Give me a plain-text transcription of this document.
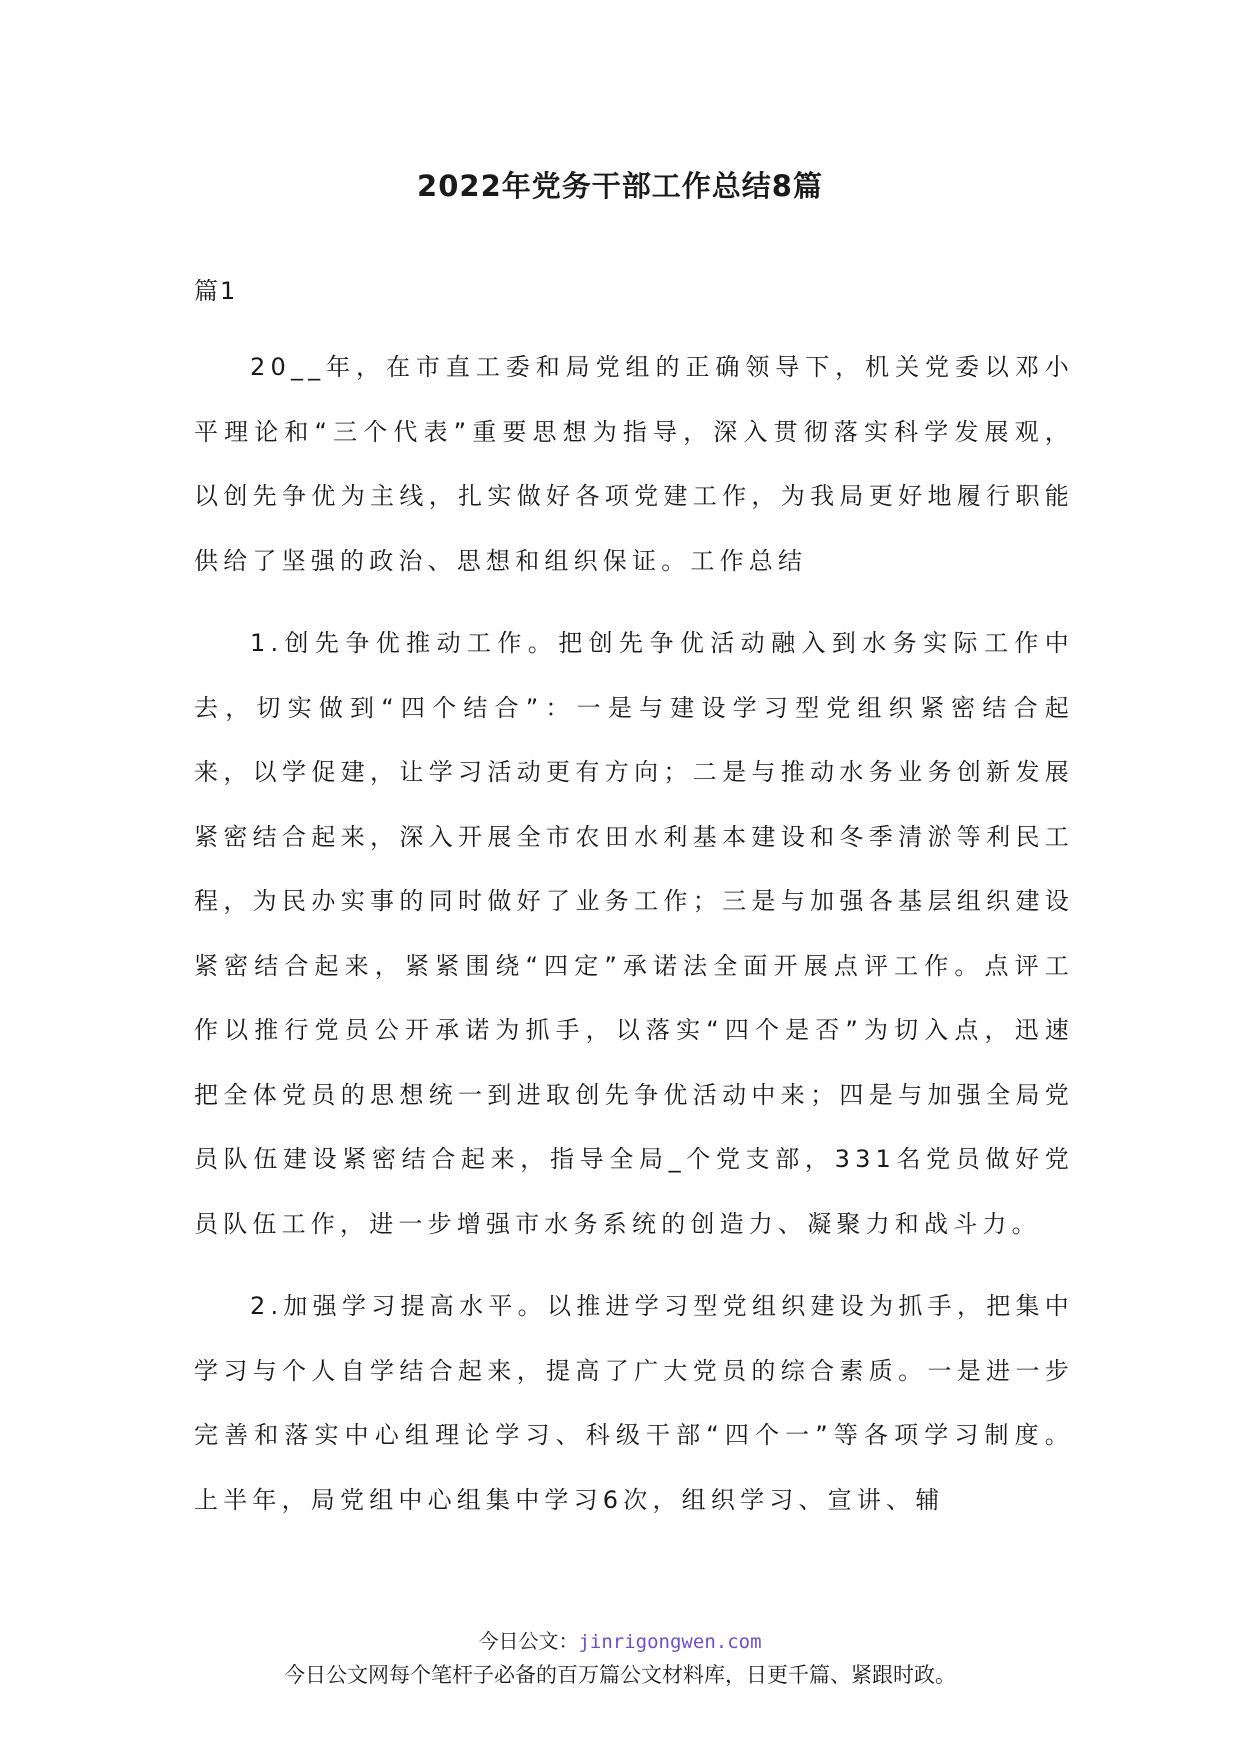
2022年党务干部工作总结8篇
篇1

20__年，在市直工委和局党组的正确领导下，机关党委以邓小平理论和“三个代表”重要思想为指导，深入贯彻落实科学发展观，以创先争优为主线，扎实做好各项党建工作，为我局更好地履行职能供给了坚强的政治、思想和组织保证。工作总结

1.创先争优推动工作。把创先争优活动融入到水务实际工作中去，切实做到“四个结合”：一是与建设学习型党组织紧密结合起来，以学促建，让学习活动更有方向；二是与推动水务业务创新发展紧密结合起来，深入开展全市农田水利基本建设和冬季清淤等利民工程，为民办实事的同时做好了业务工作；三是与加强各基层组织建设紧密结合起来，紧紧围绕“四定”承诺法全面开展点评工作。点评工作以推行党员公开承诺为抓手，以落实“四个是否”为切入点，迅速把全体党员的思想统一到进取创先争优活动中来；四是与加强全局党员队伍建设紧密结合起来，指导全局_个党支部，331名党员做好党员队伍工作，进一步增强市水务系统的创造力、凝聚力和战斗力。

2.加强学习提高水平。以推进学习型党组织建设为抓手，把集中学习与个人自学结合起来，提高了广大党员的综合素质。一是进一步完善和落实中心组理论学习、科级干部“四个一”等各项学习制度。上半年，局党组中心组集中学习6次，组织学习、宣讲、辅

今日公文：jinrigongwen.com
今日公文网每个笔杆子必备的百万篇公文材料库，日更千篇、紧跟时政。
